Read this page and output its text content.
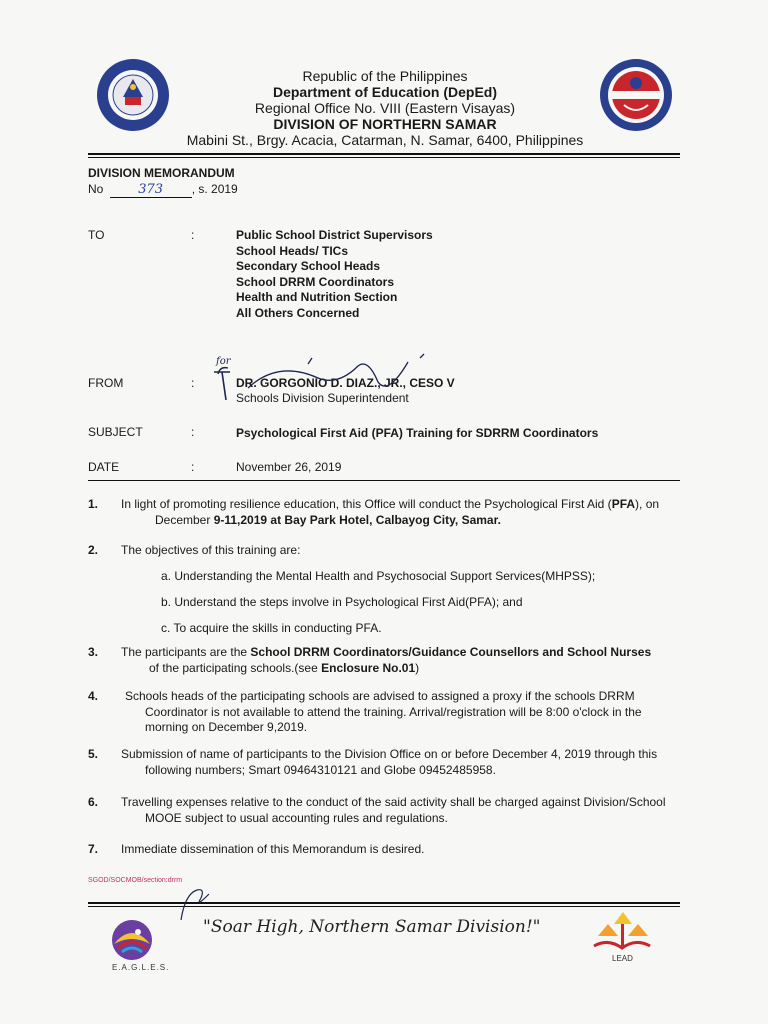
Republic of the Philippines
Department of Education (DepEd)
Regional Office No. VIII (Eastern Visayas)
DIVISION OF NORTHERN SAMAR
Mabini St., Brgy. Acacia, Catarman, N. Samar, 6400, Philippines
DIVISION MEMORANDUM
No	373 , s. 2019
TO	:	Public School District Supervisors
School Heads/ TICs
Secondary School Heads
School DRRM Coordinators
Health and Nutrition Section
All Others Concerned
FROM	:	DR. GORGONIO D. DIAZ., JR., CESO V
Schools Division Superintendent
for
SUBJECT	:	Psychological First Aid (PFA) Training for SDRRM Coordinators
DATE	:	November 26, 2019
1. In light of promoting resilience education, this Office will conduct the Psychological First Aid (PFA), on
December 9-11,2019 at Bay Park Hotel, Calbayog City, Samar.
2. The objectives of this training are:
a. Understanding the Mental Health and Psychosocial Support Services(MHPSS);
b. Understand the steps involve in Psychological First Aid(PFA); and
c. To acquire the skills in conducting PFA.
3. The participants are the School DRRM Coordinators/Guidance Counsellors and School Nurses
of the participating schools.(see Enclosure No.01)
4. Schools heads of the participating schools are advised to assigned a proxy if the schools DRRM
Coordinator is not available to attend the training. Arrival/registration will be 8:00 o'clock in the
morning on December 9,2019.
5. Submission of name of participants to the Division Office on or before December 4, 2019 through this
following numbers; Smart 09464310121 and Globe 09452485958.
6. Travelling expenses relative to the conduct of the said activity shall be charged against Division/School
MOOE subject to usual accounting rules and regulations.
7. Immediate dissemination of this Memorandum is desired.
SGOD/SOCMOB/section:drrm
E.A.G.L.E.S.
"Soar High, Northern Samar Division!"
LEAD
